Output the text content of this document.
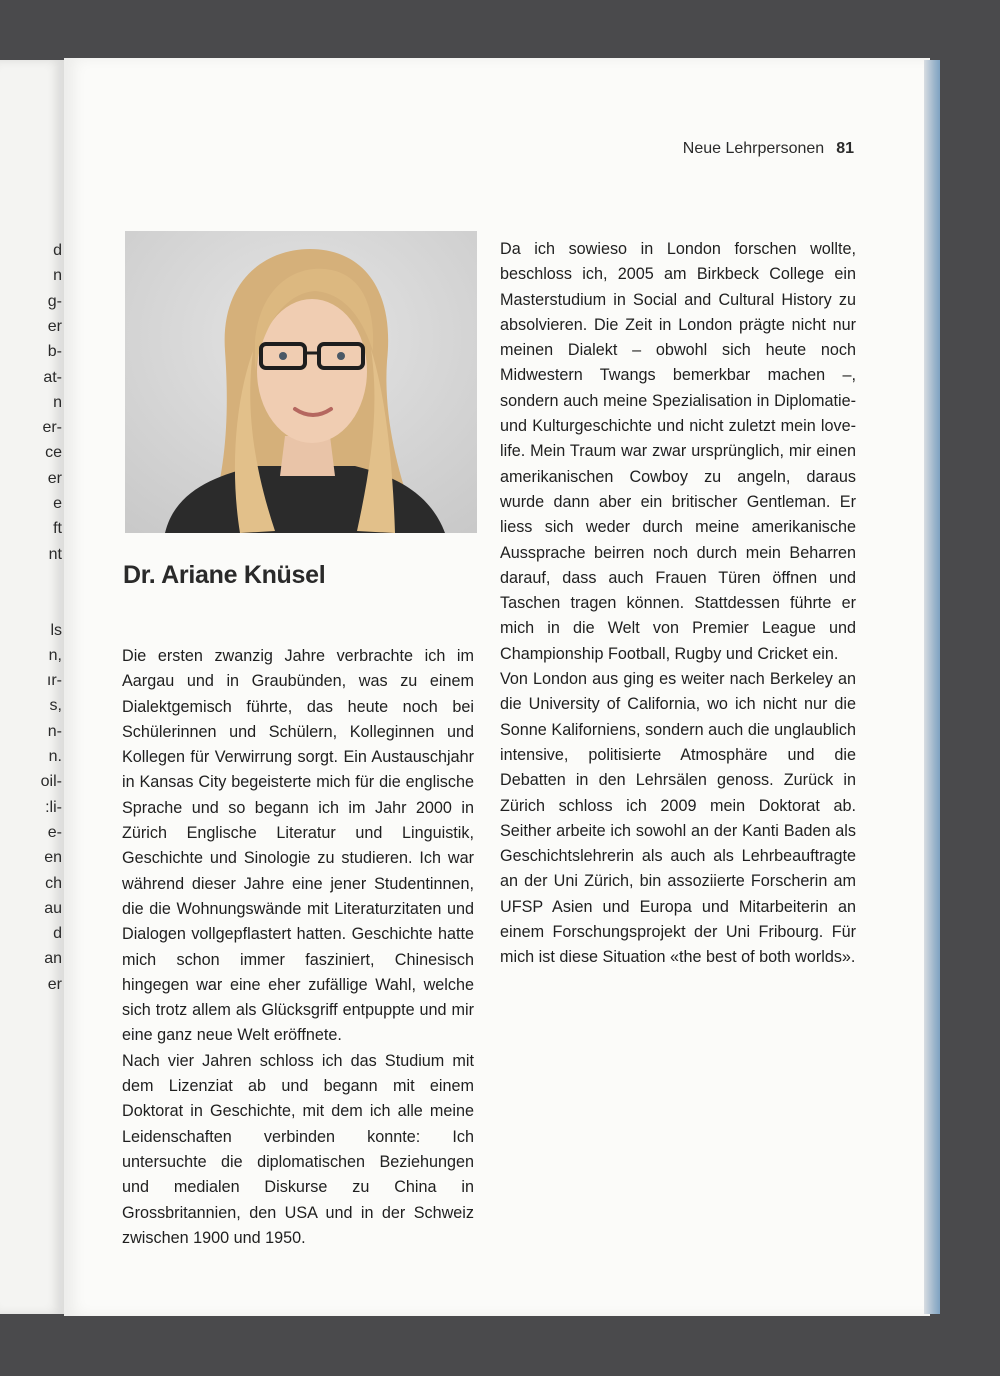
d
n
g-
er
b-
at-
n
er-
ce
er
e
ft
nt
ls
n,
ır-
s,
n-
n.
oil-
:li-
e-
en
ch
au
d
an
er
Neue Lehrpersonen 81
Dr. Ariane Knüsel

Die ersten zwanzig Jahre verbrachte ich im Aargau und in Graubünden, was zu einem Dialektgemisch führte, das heute noch bei Schülerinnen und Schülern, Kolleginnen und Kollegen für Verwirrung sorgt. Ein Austauschjahr in Kansas City begeisterte mich für die englische Sprache und so begann ich im Jahr 2000 in Zürich Englische Literatur und Linguistik, Geschichte und Sinologie zu studieren. Ich war während dieser Jahre eine jener Studentinnen, die die Wohnungswände mit Literaturzitaten und Dialogen vollgepflastert hatten. Geschichte hatte mich schon immer fasziniert, Chinesisch hingegen war eine eher zufällige Wahl, welche sich trotz allem als Glücksgriff entpuppte und mir eine ganz neue Welt eröffnete.

Nach vier Jahren schloss ich das Studium mit dem Lizenziat ab und begann mit einem Doktorat in Geschichte, mit dem ich alle meine Leidenschaften verbinden konnte: Ich untersuchte die diplomatischen Beziehungen und medialen Diskurse zu China in Grossbritannien, den USA und in der Schweiz zwischen 1900 und 1950.

Da ich sowieso in London forschen wollte, beschloss ich, 2005 am Birkbeck College ein Masterstudium in Social and Cultural History zu absolvieren. Die Zeit in London prägte nicht nur meinen Dialekt – obwohl sich heute noch Midwestern Twangs bemerkbar machen –, sondern auch meine Spezialisation in Diplomatie- und Kulturgeschichte und nicht zuletzt mein love-life. Mein Traum war zwar ursprünglich, mir einen amerikanischen Cowboy zu angeln, daraus wurde dann aber ein britischer Gentleman. Er liess sich weder durch meine amerikanische Aussprache beirren noch durch mein Beharren darauf, dass auch Frauen Türen öffnen und Taschen tragen können. Stattdessen führte er mich in die Welt von Premier League und Championship Football, Rugby und Cricket ein.

Von London aus ging es weiter nach Berkeley an die University of California, wo ich nicht nur die Sonne Kaliforniens, sondern auch die unglaublich intensive, politisierte Atmosphäre und die Debatten in den Lehrsälen genoss. Zurück in Zürich schloss ich 2009 mein Doktorat ab. Seither arbeite ich sowohl an der Kanti Baden als Geschichtslehrerin als auch als Lehrbeauftragte an der Uni Zürich, bin assoziierte Forscherin am UFSP Asien und Europa und Mitarbeiterin an einem Forschungsprojekt der Uni Fribourg. Für mich ist diese Situation «the best of both worlds».
